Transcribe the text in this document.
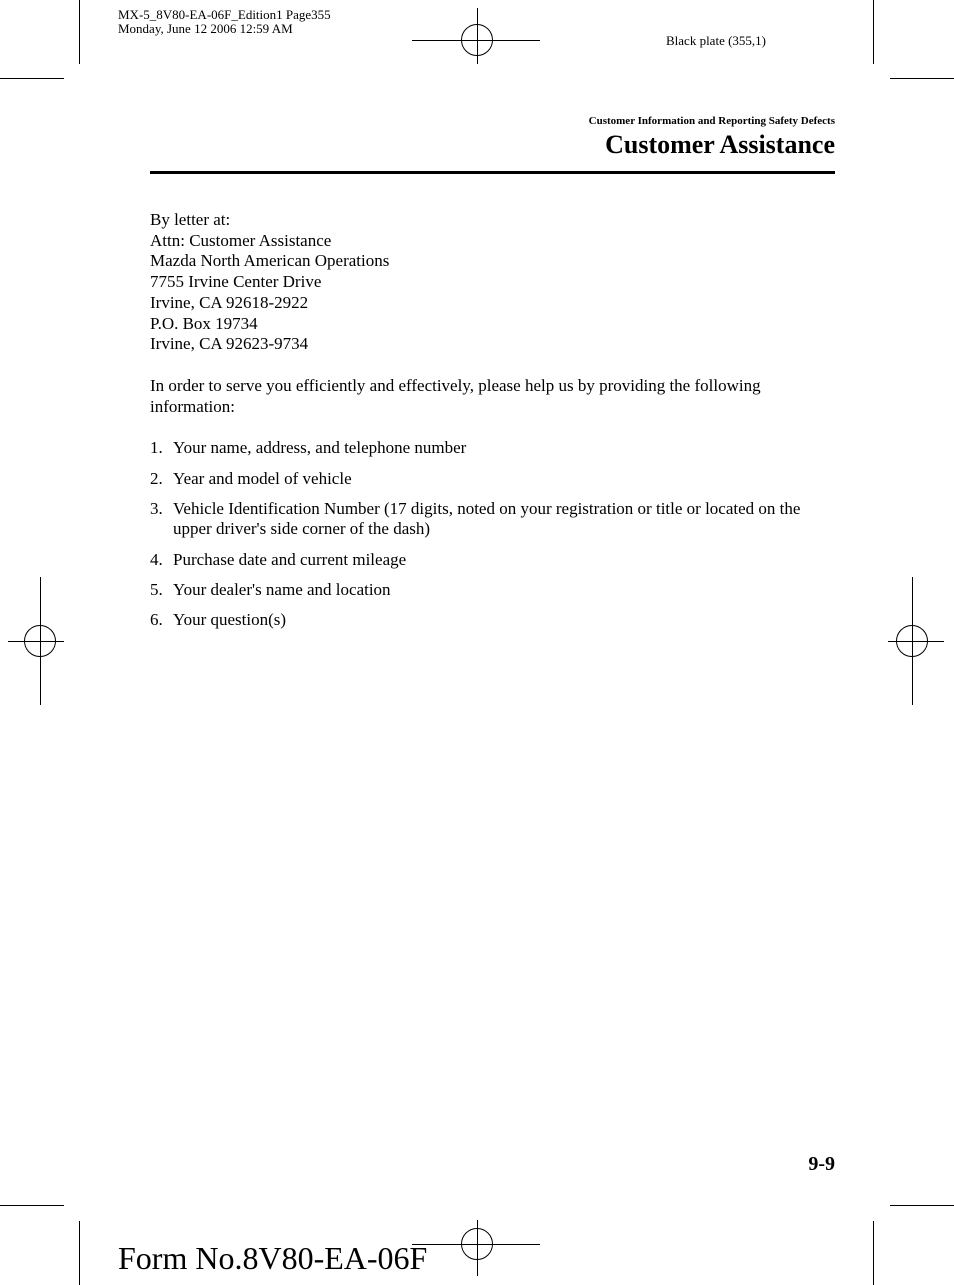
MX-5_8V80-EA-06F_Edition1 Page355
Monday, June 12 2006 12:59 AM
Black plate (355,1)
Customer Information and Reporting Safety Defects
Customer Assistance
By letter at:
Attn: Customer Assistance
Mazda North American Operations
7755 Irvine Center Drive
Irvine, CA 92618-2922
P.O. Box 19734
Irvine, CA 92623-9734
In order to serve you efficiently and effectively, please help us by providing the following information:
1. Your name, address, and telephone number
2. Year and model of vehicle
3. Vehicle Identification Number (17 digits, noted on your registration or title or located on the upper driver's side corner of the dash)
4. Purchase date and current mileage
5. Your dealer's name and location
6. Your question(s)
9-9
Form No.8V80-EA-06F
